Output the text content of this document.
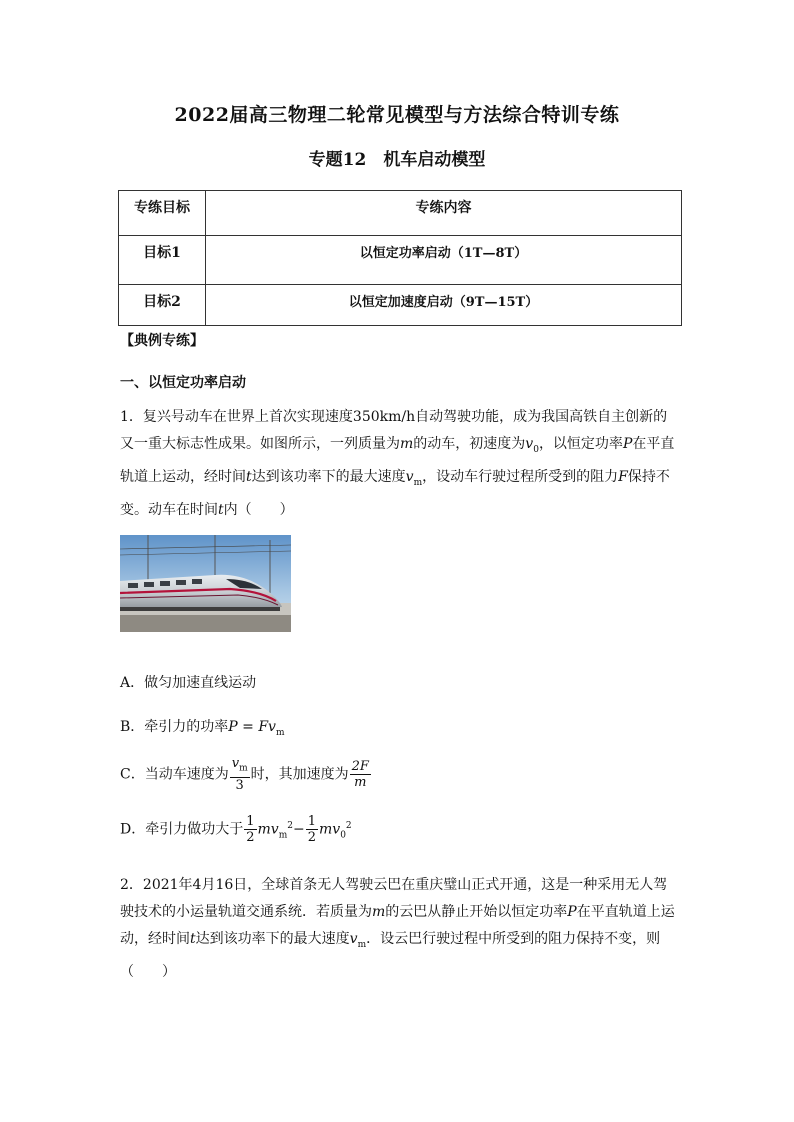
2022届高三物理二轮常见模型与方法综合特训专练
专题12　机车启动模型
专练目标	专练内容

目标1	以恒定功率启动（1T—8T）

目标2	以恒定加速度启动（9T—15T）
【典例专练】
一、以恒定功率启动
1．复兴号动车在世界上首次实现速度350km/h自动驾驶功能，成为我国高铁自主创新的又一重大标志性成果。如图所示，一列质量为m的动车，初速度为$v_0$，以恒定功率P在平直轨道上运动，经时间t达到该功率下的最大速度$v_m$，设动车行驶过程所受到的阻力F保持不变。动车在时间t内（　　）
A．做匀加速直线运动
B．牵引力的功率$P = Fv_m$
C．当动车速度为 $\frac{v_m}{3}$ 时，其加速度为 $\frac{2F}{m}$
D．牵引力做功大于 $\frac{1}{2} mv_m^2- \frac{1}{2} mv_0^2$
2．2021年4月16日，全球首条无人驾驶云巴在重庆璧山正式开通，这是一种采用无人驾驶技术的小运量轨道交通系统．若质量为m的云巴从静止开始以恒定功率P在平直轨道上运动，经时间t达到该功率下的最大速度$v_m$．设云巴行驶过程中所受到的阻力保持不变，则（　　）
